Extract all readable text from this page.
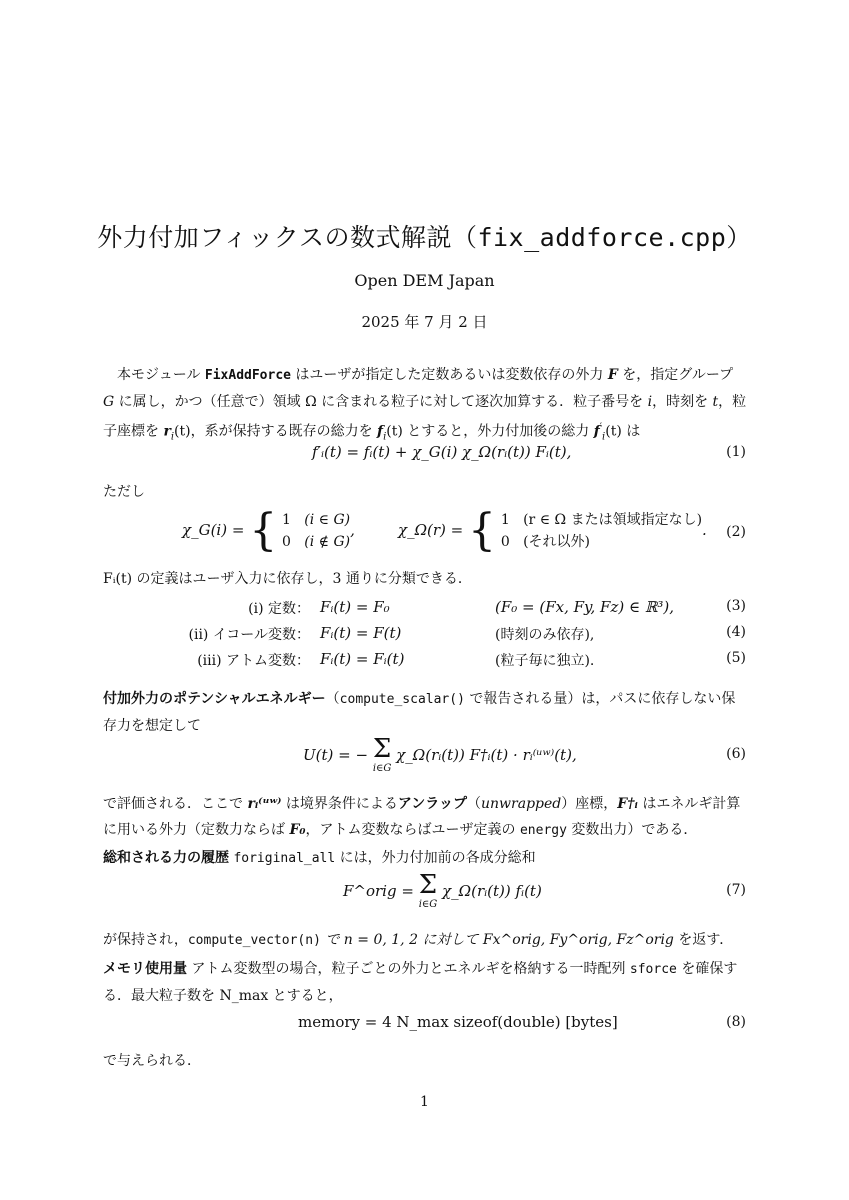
外力付加フィックスの数式解説（fix_addforce.cpp）
Open DEM Japan
2025 年 7 月 2 日
本モジュール FixAddForce はユーザが指定した定数あるいは変数依存の外力 F を，指定グループ G に属し，かつ（任意で）領域 Ω に含まれる粒子に対して逐次加算する．粒子番号を i，時刻を t，粒子座標を $r_i(t)$，系が保持する既存の総力を $f_i(t)$ とすると，外力付加後の総力 $f'_i(t)$ は
f′ᵢ(t) = fᵢ(t) + χ_G(i) χ_Ω(rᵢ(t)) Fᵢ(t),	(1)
ただし
χ_G(i) = { 1 (i ∈ G)
0 (i ∉ G),	χ_Ω(r) = { 1 (r ∈ Ω または領域指定なし)
0 (それ以外). (2)
Fᵢ(t) の定義はユーザ入力に依存し，3 通りに分類できる．
(i) 定数： Fᵢ(t) = F₀	(F₀ = (Fx, Fy, Fz) ∈ ℝ³),	(3)
(ii) イコール変数： Fᵢ(t) = F(t)	(時刻のみ依存),	(4)
(iii) アトム変数： Fᵢ(t) = Fᵢ(t)	(粒子毎に独立).	(5)
付加外力のポテンシャルエネルギー（compute_scalar() で報告される量）は，パスに依存しない保存力を想定して
U(t) = − Σ
i∈G
χ_Ω(rᵢ(t)) F†ᵢ(t) · rᵢ⁽ᵘʷ⁾(t),	(6)
で評価される．ここで rᵢ⁽ᵘʷ⁾ は境界条件によるアンラップ（unwrapped）座標，F†ᵢ はエネルギ計算に用いる外力（定数力ならば F₀，アトム変数ならばユーザ定義の energy 変数出力）である．
総和される力の履歴 foriginal_all には，外力付加前の各成分総和
F^orig = Σ
i∈G
χ_Ω(rᵢ(t)) fᵢ(t)	(7)
が保持され，compute_vector(n) で n = 0, 1, 2 に対して Fx^orig, Fy^orig, Fz^orig を返す．
メモリ使用量 アトム変数型の場合，粒子ごとの外力とエネルギを格納する一時配列 sforce を確保する．最大粒子数を N_max とすると，
memory = 4 N_max sizeof(double) [bytes]	(8)
で与えられる．
1
